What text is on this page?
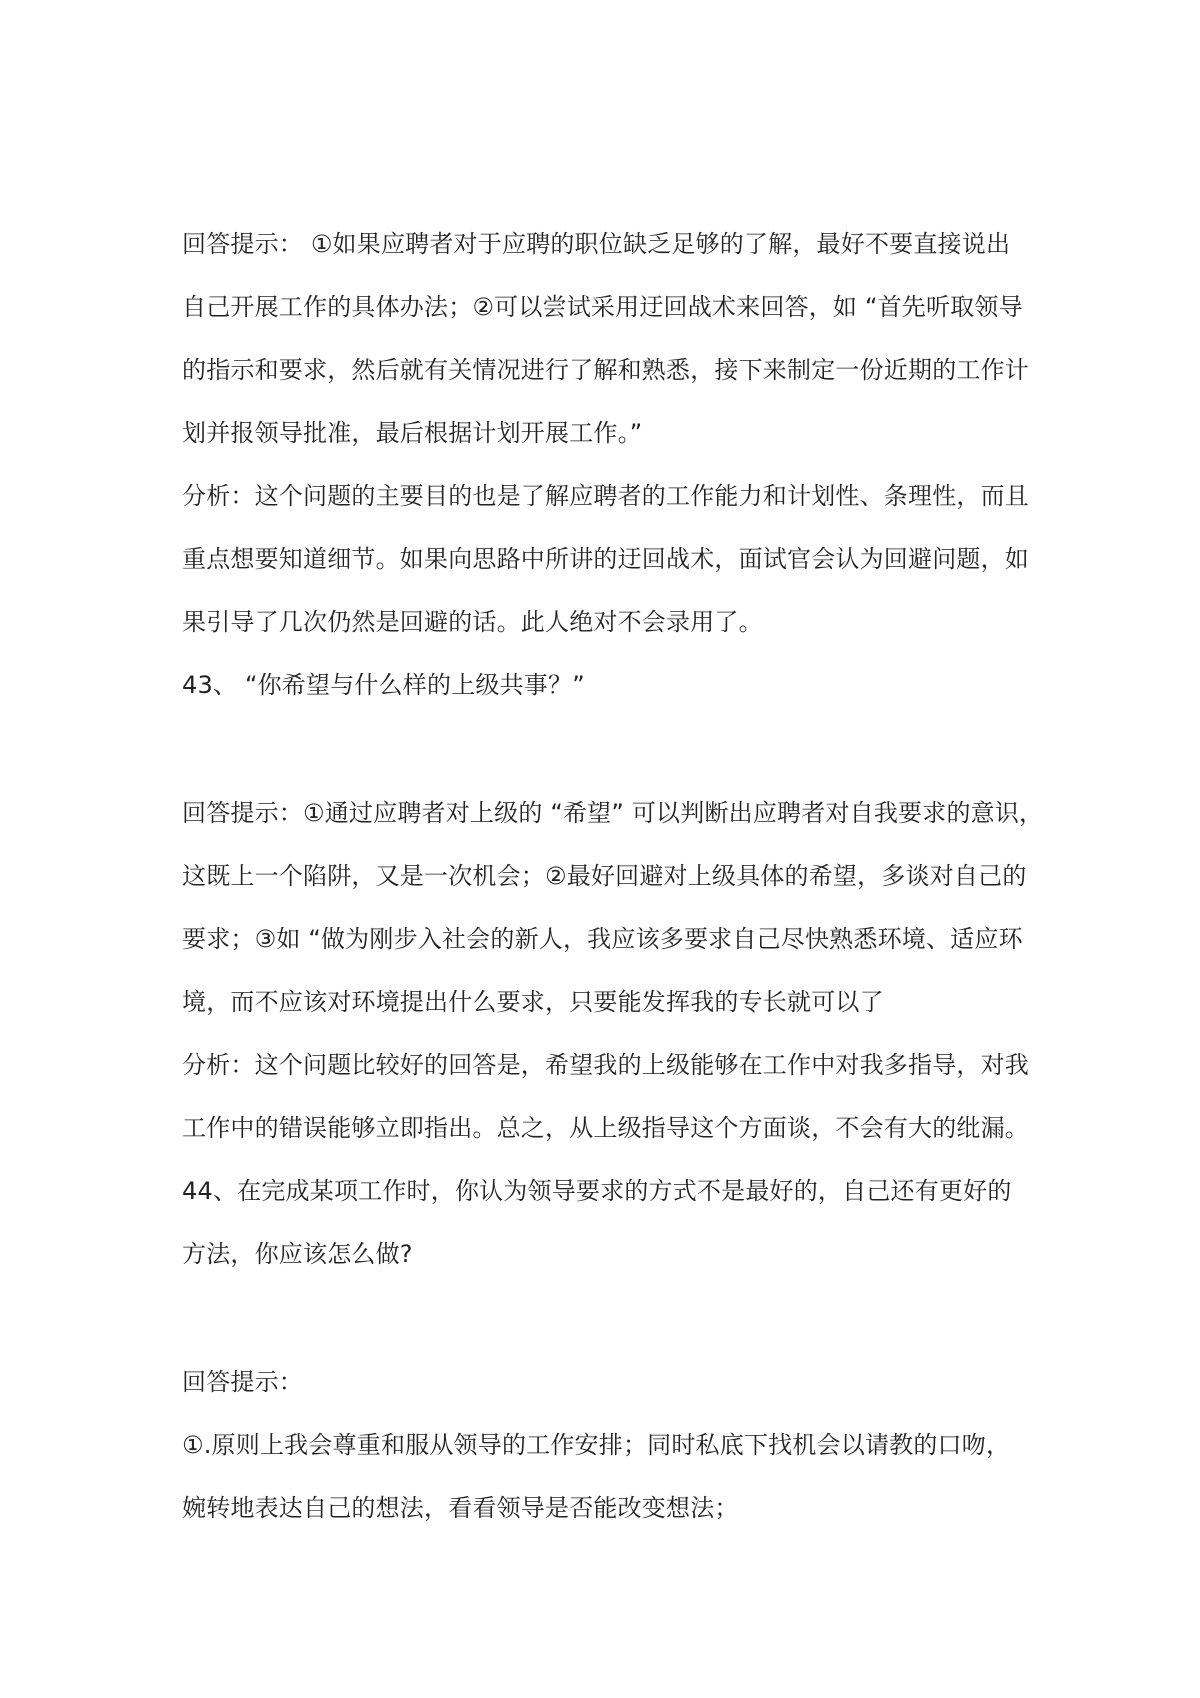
回答提示： ①如果应聘者对于应聘的职位缺乏足够的了解，最好不要直接说出
自己开展工作的具体办法；②可以尝试采用迂回战术来回答，如 “首先听取领导
的指示和要求，然后就有关情况进行了解和熟悉，接下来制定一份近期的工作计
划并报领导批准，最后根据计划开展工作。”
分析：这个问题的主要目的也是了解应聘者的工作能力和计划性、条理性，而且
重点想要知道细节。如果向思路中所讲的迂回战术，面试官会认为回避问题，如
果引导了几次仍然是回避的话。此人绝对不会录用了。
43、 “你希望与什么样的上级共事？”
回答提示：①通过应聘者对上级的 “希望” 可以判断出应聘者对自我要求的意识，
这既上一个陷阱，又是一次机会；②最好回避对上级具体的希望，多谈对自己的
要求；③如 “做为刚步入社会的新人，我应该多要求自己尽快熟悉环境、适应环
境，而不应该对环境提出什么要求，只要能发挥我的专长就可以了
分析：这个问题比较好的回答是，希望我的上级能够在工作中对我多指导，对我
工作中的错误能够立即指出。总之，从上级指导这个方面谈，不会有大的纰漏。
44、在完成某项工作时，你认为领导要求的方式不是最好的，自己还有更好的
方法，你应该怎么做?
回答提示：
①.原则上我会尊重和服从领导的工作安排；同时私底下找机会以请教的口吻，
婉转地表达自己的想法，看看领导是否能改变想法；
